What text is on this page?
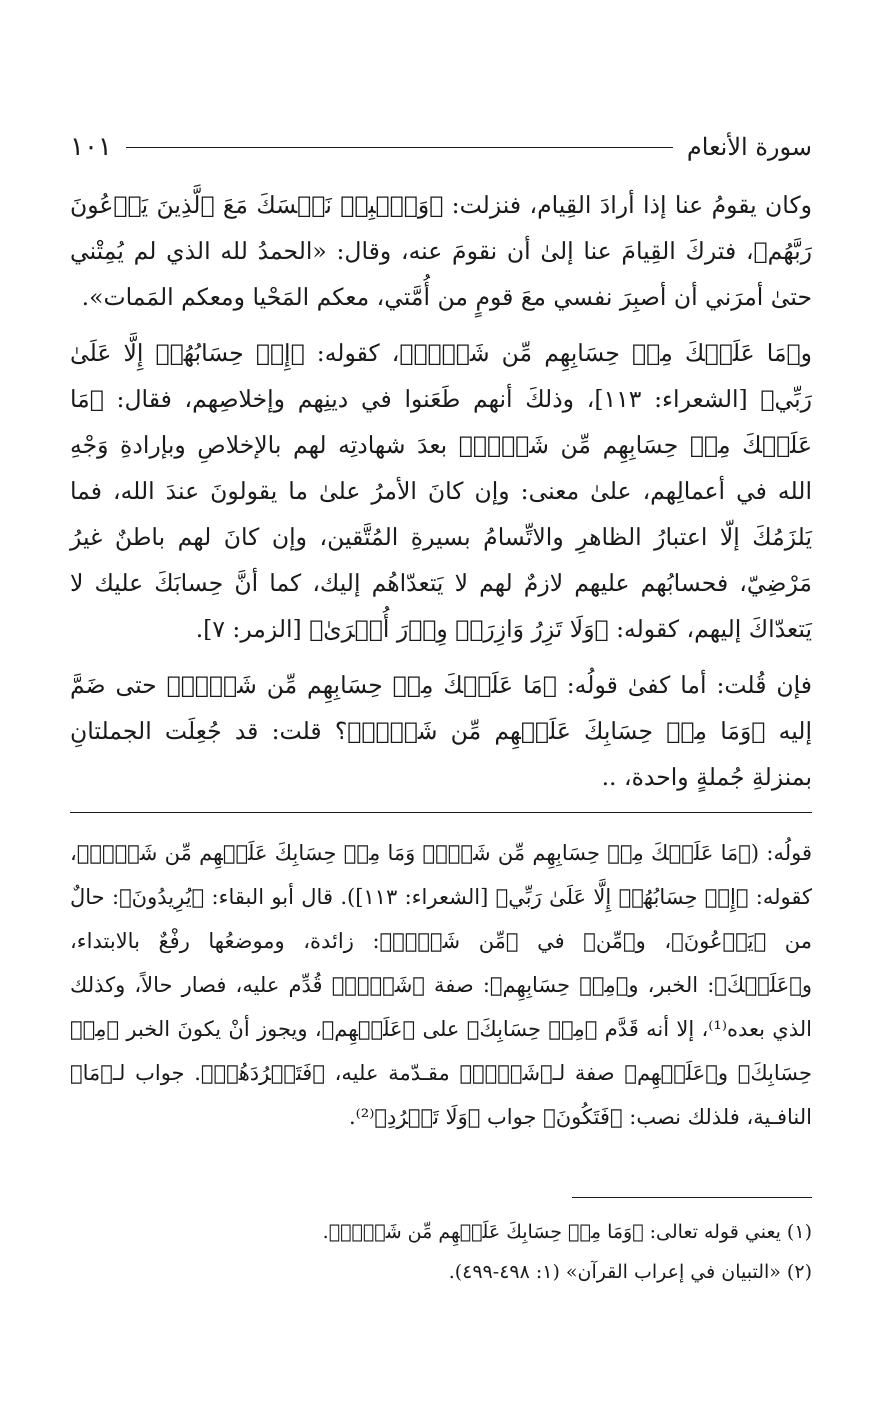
سورة الأنعام
١٠١

وكان يقومُ عنا إذا أرادَ القِيام، فنزلت: ﴿وَٱصۡبِرۡ نَفۡسَكَ مَعَ ٱلَّذِينَ يَدۡعُونَ رَبَّهُم﴾، فتركَ القِيامَ عنا إلىٰ أن نقومَ عنه، وقال: «الحمدُ لله الذي لم يُمِتْني حتىٰ أمرَني أن أصبِرَ نفسي معَ قومٍ من أُمَّتي، معكم المَحْيا ومعكم المَمات».

و﴿مَا عَلَيۡكَ مِنۡ حِسَابِهِم مِّن شَيۡءٖ﴾، كقوله: ﴿إِنۡ حِسَابُهُمۡ إِلَّا عَلَىٰ رَبِّي﴾ [الشعراء: ١١٣]، وذلكَ أنهم طَعَنوا في دينِهم وإخلاصِهم، فقال: ﴿مَا عَلَيۡكَ مِنۡ حِسَابِهِم مِّن شَيۡءٖ﴾ بعدَ شهادتِه لهم بالإخلاصِ وبإرادةِ وَجْهِ الله في أعمالِهم، علىٰ معنى: وإن كانَ الأمرُ علىٰ ما يقولونَ عندَ الله، فما يَلزَمُكَ إلّا اعتبارُ الظاهرِ والاتِّسامُ بسيرةِ المُتَّقين، وإن كانَ لهم باطنٌ غيرُ مَرْضِيّ، فحسابُهم عليهم لازمٌ لهم لا يَتعدّاهُم إليك، كما أنَّ حِسابَكَ عليك لا يَتعدّاكَ إليهم، كقوله: ﴿وَلَا تَزِرُ وَازِرَةٞ وِزۡرَ أُخۡرَىٰ﴾ [الزمر: ٧].

فإن قُلت: أما كفىٰ قولُه: ﴿مَا عَلَيۡكَ مِنۡ حِسَابِهِم مِّن شَيۡءٖ﴾ حتى ضَمَّ إليه ﴿وَمَا مِنۡ حِسَابِكَ عَلَيۡهِم مِّن شَيۡءٖ﴾؟ قلت: قد جُعِلَت الجملتانِ بمنزلةِ جُملةٍ واحدة، ..

قولُه: (﴿مَا عَلَيۡكَ مِنۡ حِسَابِهِم مِّن شَيۡءٖ وَمَا مِنۡ حِسَابِكَ عَلَيۡهِم مِّن شَيۡءٖ﴾، كقوله: ﴿إِنۡ حِسَابُهُمۡ إِلَّا عَلَىٰ رَبِّي﴾ [الشعراء: ١١٣]). قال أبو البقاء: ﴿يُرِيدُونَ﴾: حالٌ من ﴿يَدۡعُونَ﴾، و﴿مِّن﴾ في ﴿مِّن شَيۡءٖ﴾: زائدة، وموضعُها رفْعٌ بالابتداء، و﴿عَلَيۡكَ﴾: الخبر، و﴿مِنۡ حِسَابِهِم﴾: صفة ﴿شَيۡءٖ﴾ قُدِّم عليه، فصار حالاً، وكذلك الذي بعده⁽¹⁾، إلا أنه قَدَّم ﴿مِنۡ حِسَابِكَ﴾ على ﴿عَلَيۡهِم﴾، ويجوز أنْ يكونَ الخبر ﴿مِنۡ حِسَابِكَ﴾ و﴿عَلَيۡهِم﴾ صفة لـ﴿شَيۡءٖ﴾ مقـدّمة عليه، ﴿فَتَطۡرُدَهُمۡ﴾. جواب لـ﴿مَا﴾ النافـية، فلذلك نصب: ﴿فَتَكُونَ﴾ جواب ﴿وَلَا تَطۡرُدِ﴾⁽²⁾.

(١) يعني قوله تعالى: ﴿وَمَا مِنۡ حِسَابِكَ عَلَيۡهِم مِّن شَيۡءٖ﴾.
(٢) «التبيان في إعراب القرآن» (١: ٤٩٨-٤٩٩).
